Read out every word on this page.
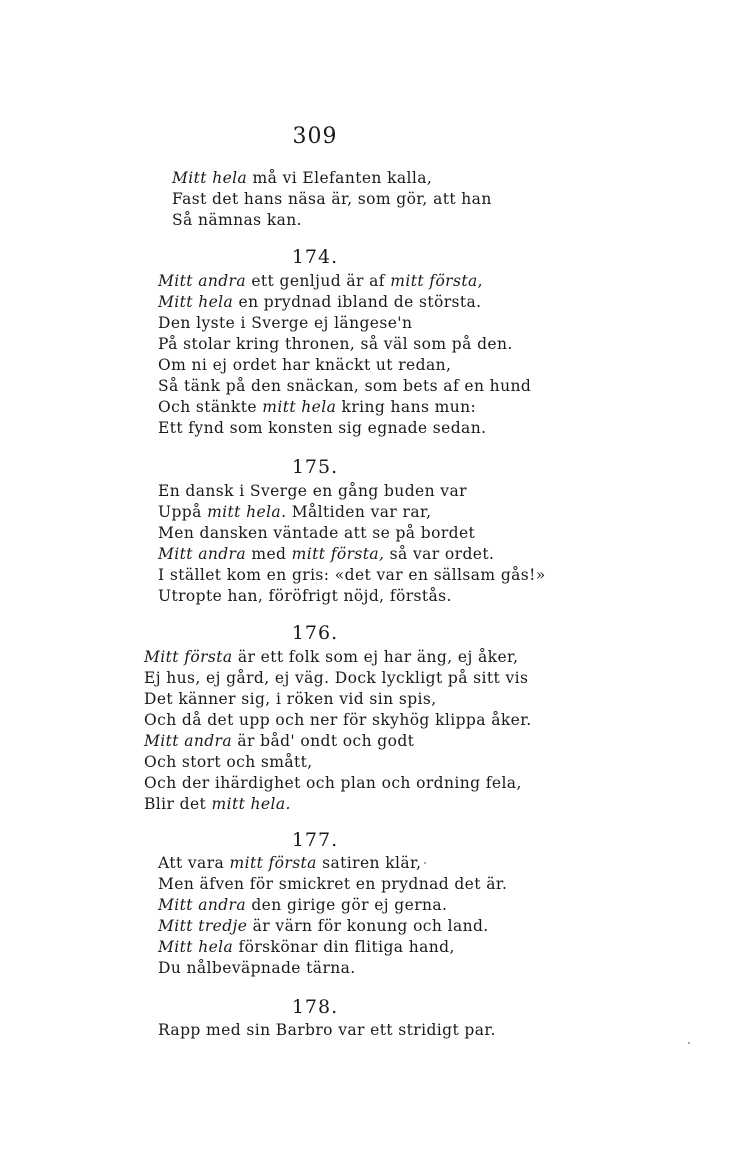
309
Mitt hela må vi Elefanten kalla,
Fast det hans näsa är, som gör, att han
Så nämnas kan.
174.
Mitt andra ett genljud är af mitt första,
Mitt hela en prydnad ibland de största.
Den lyste i Sverge ej längese'n
På stolar kring thronen, så väl som på den.
Om ni ej ordet har knäckt ut redan,
Så tänk på den snäckan, som bets af en hund
Och stänkte mitt hela kring hans mun:
Ett fynd som konsten sig egnade sedan.
175.
En dansk i Sverge en gång buden var
Uppå mitt hela. Måltiden var rar,
Men dansken väntade att se på bordet
Mitt andra med mitt första, så var ordet.
I stället kom en gris: «det var en sällsam gås!»
Utropte han, föröfrigt nöjd, förstås.
176.
Mitt första är ett folk som ej har äng, ej åker,
Ej hus, ej gård, ej väg. Dock lyckligt på sitt vis
Det känner sig, i röken vid sin spis,
Och då det upp och ner för skyhög klippa åker.
Mitt andra är båd' ondt och godt
Och stort och smått,
Och der ihärdighet och plan och ordning fela,
Blir det mitt hela.
177.
Att vara mitt första satiren klär,
Men äfven för smickret en prydnad det är.
Mitt andra den girige gör ej gerna.
Mitt tredje är värn för konung och land.
Mitt hela förskönar din flitiga hand,
Du nålbeväpnade tärna.
178.
Rapp med sin Barbro var ett stridigt par.
